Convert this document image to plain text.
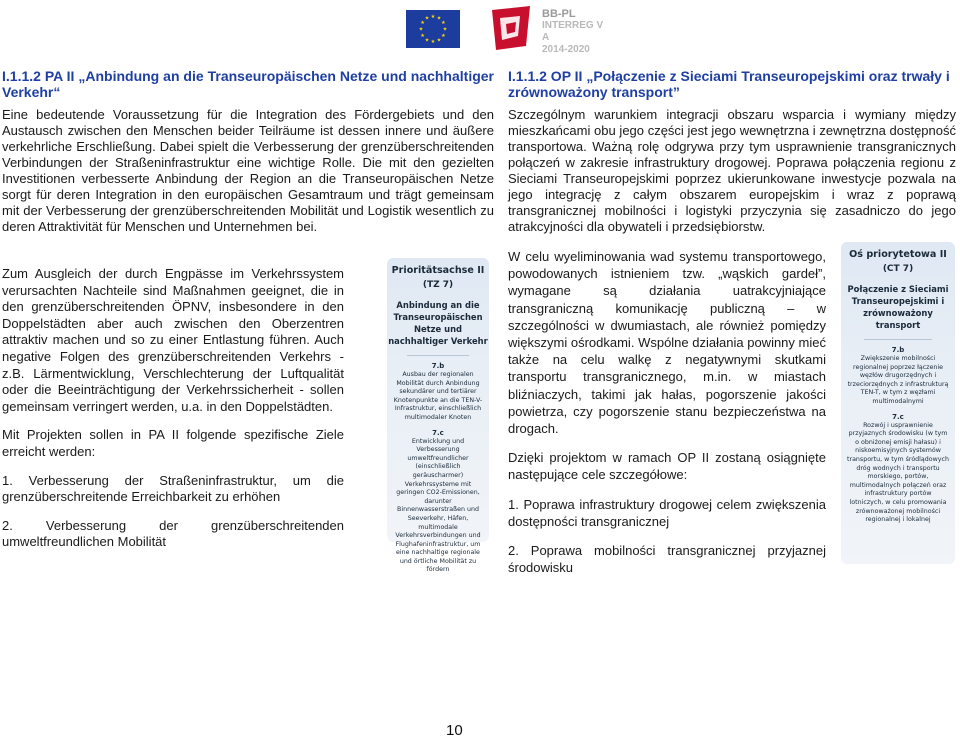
★ ★
★
★
★
★
★
★
★
★
★
★	BB-PL
INTERREG V A
2014-2020
I.1.1.2 PA II „Anbindung an die Transeuropäischen Netze und nachhaltiger Verkehr“
Eine bedeutende Voraussetzung für die Integration des Fördergebiets und den Austausch zwischen den Menschen beider Teilräume ist dessen innere und äußere verkehrliche Erschließung. Dabei spielt die Verbesserung der grenzüberschreitenden Verbindungen der Straßeninfrastruktur eine wichtige Rolle. Die mit den gezielten Investitionen verbesserte Anbindung der Region an die Transeuropäischen Netze sorgt für deren Integration in den europäischen Gesamtraum und trägt gemeinsam mit der Verbesserung der grenzüberschreitenden Mobilität und Logistik wesentlich zu deren Attraktivität für Menschen und Unternehmen bei.
I.1.1.2 OP II „Połączenie z Sieciami Transeuropejskimi oraz trwały i zrównoważony transport”
Szczególnym warunkiem integracji obszaru wsparcia i wymiany między mieszkańcami obu jego części jest jego wewnętrzna i zewnętrzna dostępność transportowa. Ważną rolę odgrywa przy tym usprawnienie transgranicznych połączeń w zakresie infrastruktury drogowej. Poprawa połączenia regionu z Sieciami Transeuropejskimi poprzez ukierunkowane inwestycje pozwala na jego integrację z całym obszarem europejskim i wraz z poprawą transgranicznej mobilności i logistyki przyczynia się zasadniczo do jego atrakcyjności dla obywateli i przedsiębiorstw.

Zum Ausgleich der durch Engpässe im Verkehrssystem verursachten Nachteile sind Maßnahmen geeignet, die in den grenzüberschreitenden ÖPNV, insbesondere in den Doppelstädten aber auch zwischen den Oberzentren attraktiv machen und so zu einer Entlastung führen. Auch negative Folgen des grenzüberschreitenden Verkehrs - z.B. Lärmentwicklung, Verschlechterung der Luftqualität oder die Beeinträchtigung der Verkehrssicherheit - sollen gemeinsam verringert werden, u.a. in den Doppelstädten.

Mit Projekten sollen in PA II folgende spezifische Ziele erreicht werden:

1. Verbesserung der Straßeninfrastruktur, um die grenzüberschreitende Erreichbarkeit zu erhöhen

2. Verbesserung der grenzüberschreitenden umweltfreundlichen Mobilität

Prioritätsachse II
(TZ 7)
Anbindung an die Transeuropäischen Netze und nachhaltiger Verkehr
7.b
Ausbau der regionalen Mobilität durch Anbindung sekundärer und tertiärer Knotenpunkte an die TEN-V-Infrastruktur, einschließlich multimodaler Knoten
7.c
Entwicklung und Verbesserung umweltfreundlicher (einschließlich geräuscharmer) Verkehrssysteme mit geringen CO2-Emissionen, darunter Binnenwasserstraßen und Seeverkehr, Häfen, multimodale Verkehrsverbindungen und Flughafeninfrastruktur, um eine nachhaltige regionale und örtliche Mobilität zu fördern

W celu wyeliminowania wad systemu transportowego, powodowanych istnieniem tzw. „wąskich gardeł”, wymagane są działania uatrakcyjniające transgraniczną komunikację publiczną – w szczególności w dwumiastach, ale również pomiędzy większymi ośrodkami. Wspólne działania powinny mieć także na celu walkę z negatywnymi skutkami transportu transgranicznego, m.in. w miastach bliźniaczych, takimi jak hałas, pogorszenie jakości powietrza, czy pogorszenie stanu bezpieczeństwa na drogach.

Dzięki projektom w ramach OP II zostaną osiągnięte następujące cele szczegółowe:

1. Poprawa infrastruktury drogowej celem zwiększenia dostępności transgranicznej

2. Poprawa mobilności transgranicznej przyjaznej środowisku

Oś priorytetowa II
(CT 7)
Połączenie z Sieciami Transeuropejskimi i zrównoważony transport
7.b
Zwiększenie mobilności regionalnej poprzez łączenie węzłów drugorzędnych i trzeciorzędnych z infrastrukturą TEN-T, w tym z węzłami multimodalnymi
7.c
Rozwój i usprawnienie przyjaznych środowisku (w tym o obniżonej emisji hałasu) i niskoemisyjnych systemów transportu, w tym śródlądowych dróg wodnych i transportu morskiego, portów, multimodalnych połączeń oraz infrastruktury portów lotniczych, w celu promowania zrównoważonej mobilności regionalnej i lokalnej
10
